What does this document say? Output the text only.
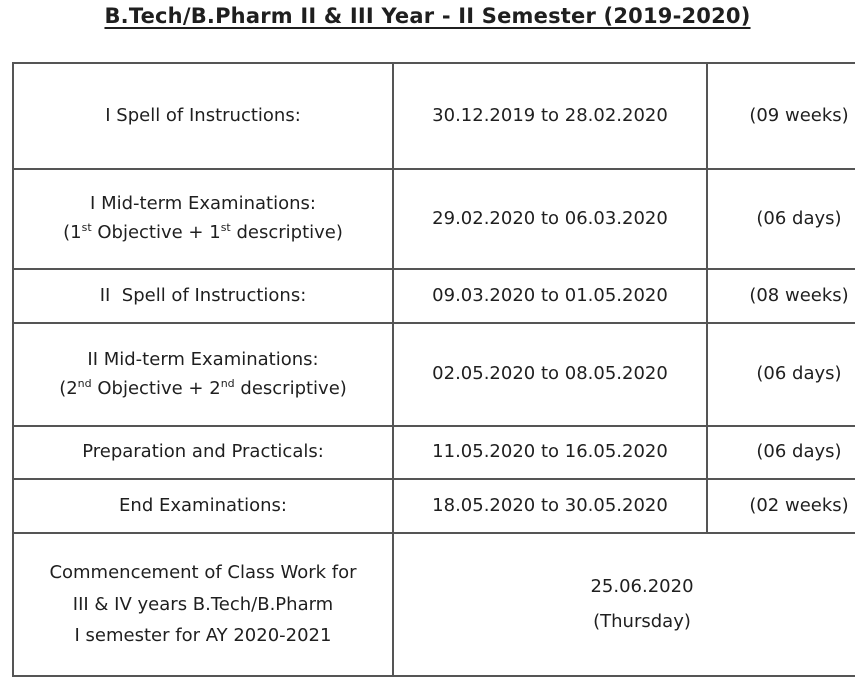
B.Tech/B.Pharm II & III Year - II Semester (2019-2020)
I Spell of Instructions:	30.12.2019 to 28.02.2020	(09 weeks)

I Mid-term Examinations:
(1st Objective + 1st descriptive)	29.02.2020 to 06.03.2020	(06 days)
II  Spell of Instructions:	09.03.2020 to 01.05.2020	(08 weeks)

II Mid-term Examinations:
(2nd Objective + 2nd descriptive)	02.05.2020 to 08.05.2020	(06 days)
Preparation and Practicals:	11.05.2020 to 16.05.2020	(06 days)
End Examinations:	18.05.2020 to 30.05.2020	(02 weeks)

Commencement of Class Work for
III & IV years B.Tech/B.Pharm
I semester for AY 2020-2021	25.06.2020
(Thursday)	
